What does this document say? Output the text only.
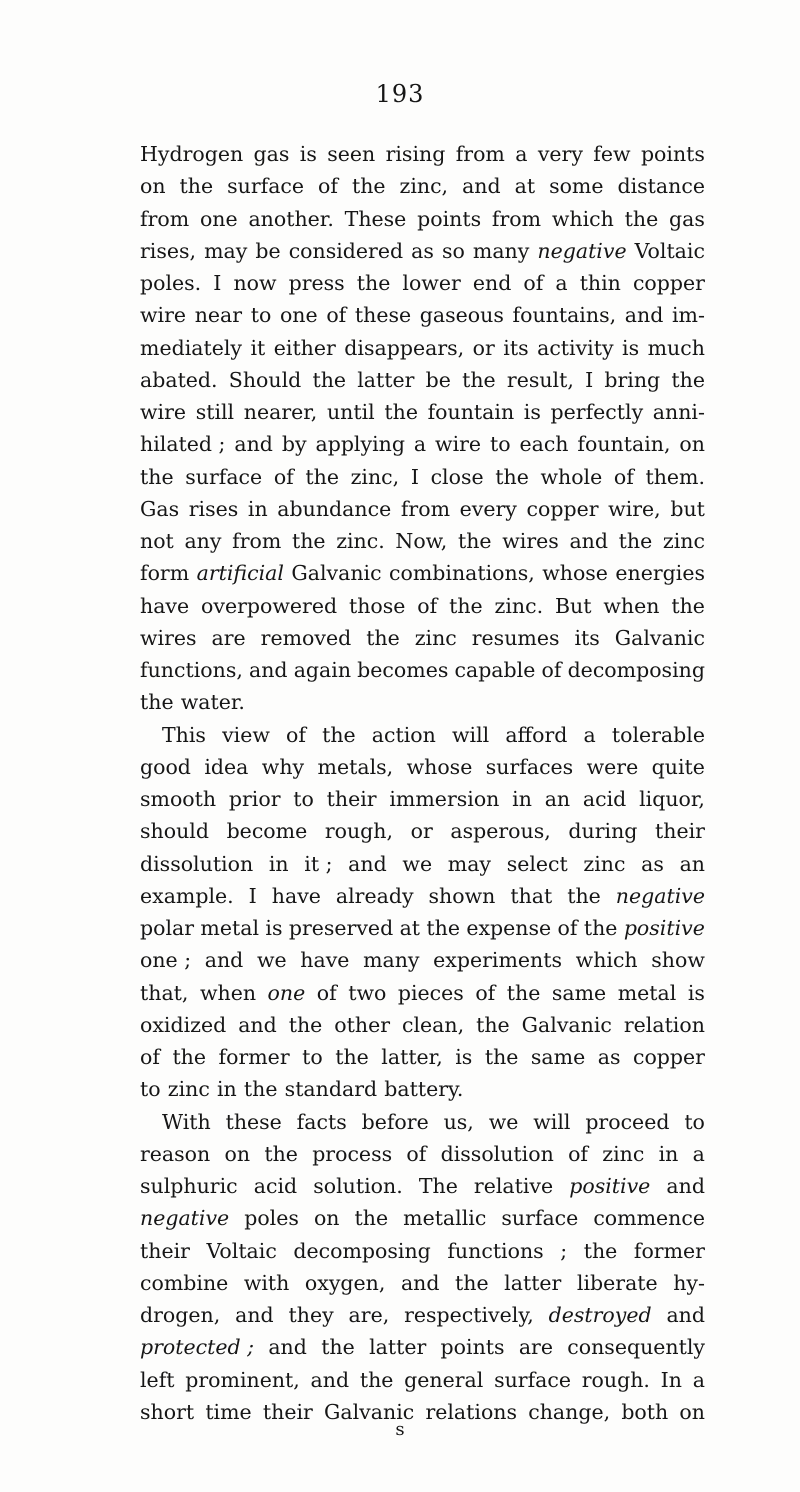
193
Hydrogen gas is seen rising from a very few points
on the surface of the zinc, and at some distance
from one another. These points from which the gas
rises, may be considered as so many negative Voltaic
poles. I now press the lower end of a thin copper
wire near to one of these gaseous fountains, and im-
mediately it either disappears, or its activity is much
abated. Should the latter be the result, I bring the
wire still nearer, until the fountain is perfectly anni-
hilated ; and by applying a wire to each fountain, on
the surface of the zinc, I close the whole of them.
Gas rises in abundance from every copper wire, but
not any from the zinc. Now, the wires and the zinc
form artificial Galvanic combinations, whose energies
have overpowered those of the zinc. But when the
wires are removed the zinc resumes its Galvanic
functions, and again becomes capable of decomposing
the water.
This view of the action will afford a tolerable
good idea why metals, whose surfaces were quite
smooth prior to their immersion in an acid liquor,
should become rough, or asperous, during their
dissolution in it ; and we may select zinc as an
example. I have already shown that the negative
polar metal is preserved at the expense of the positive
one ; and we have many experiments which show
that, when one of two pieces of the same metal is
oxidized and the other clean, the Galvanic relation
of the former to the latter, is the same as copper
to zinc in the standard battery.
With these facts before us, we will proceed to
reason on the process of dissolution of zinc in a
sulphuric acid solution. The relative positive and
negative poles on the metallic surface commence
their Voltaic decomposing functions ; the former
combine with oxygen, and the latter liberate hy-
drogen, and they are, respectively, destroyed and
protected ; and the latter points are consequently
left prominent, and the general surface rough. In a
short time their Galvanic relations change, both on
s
